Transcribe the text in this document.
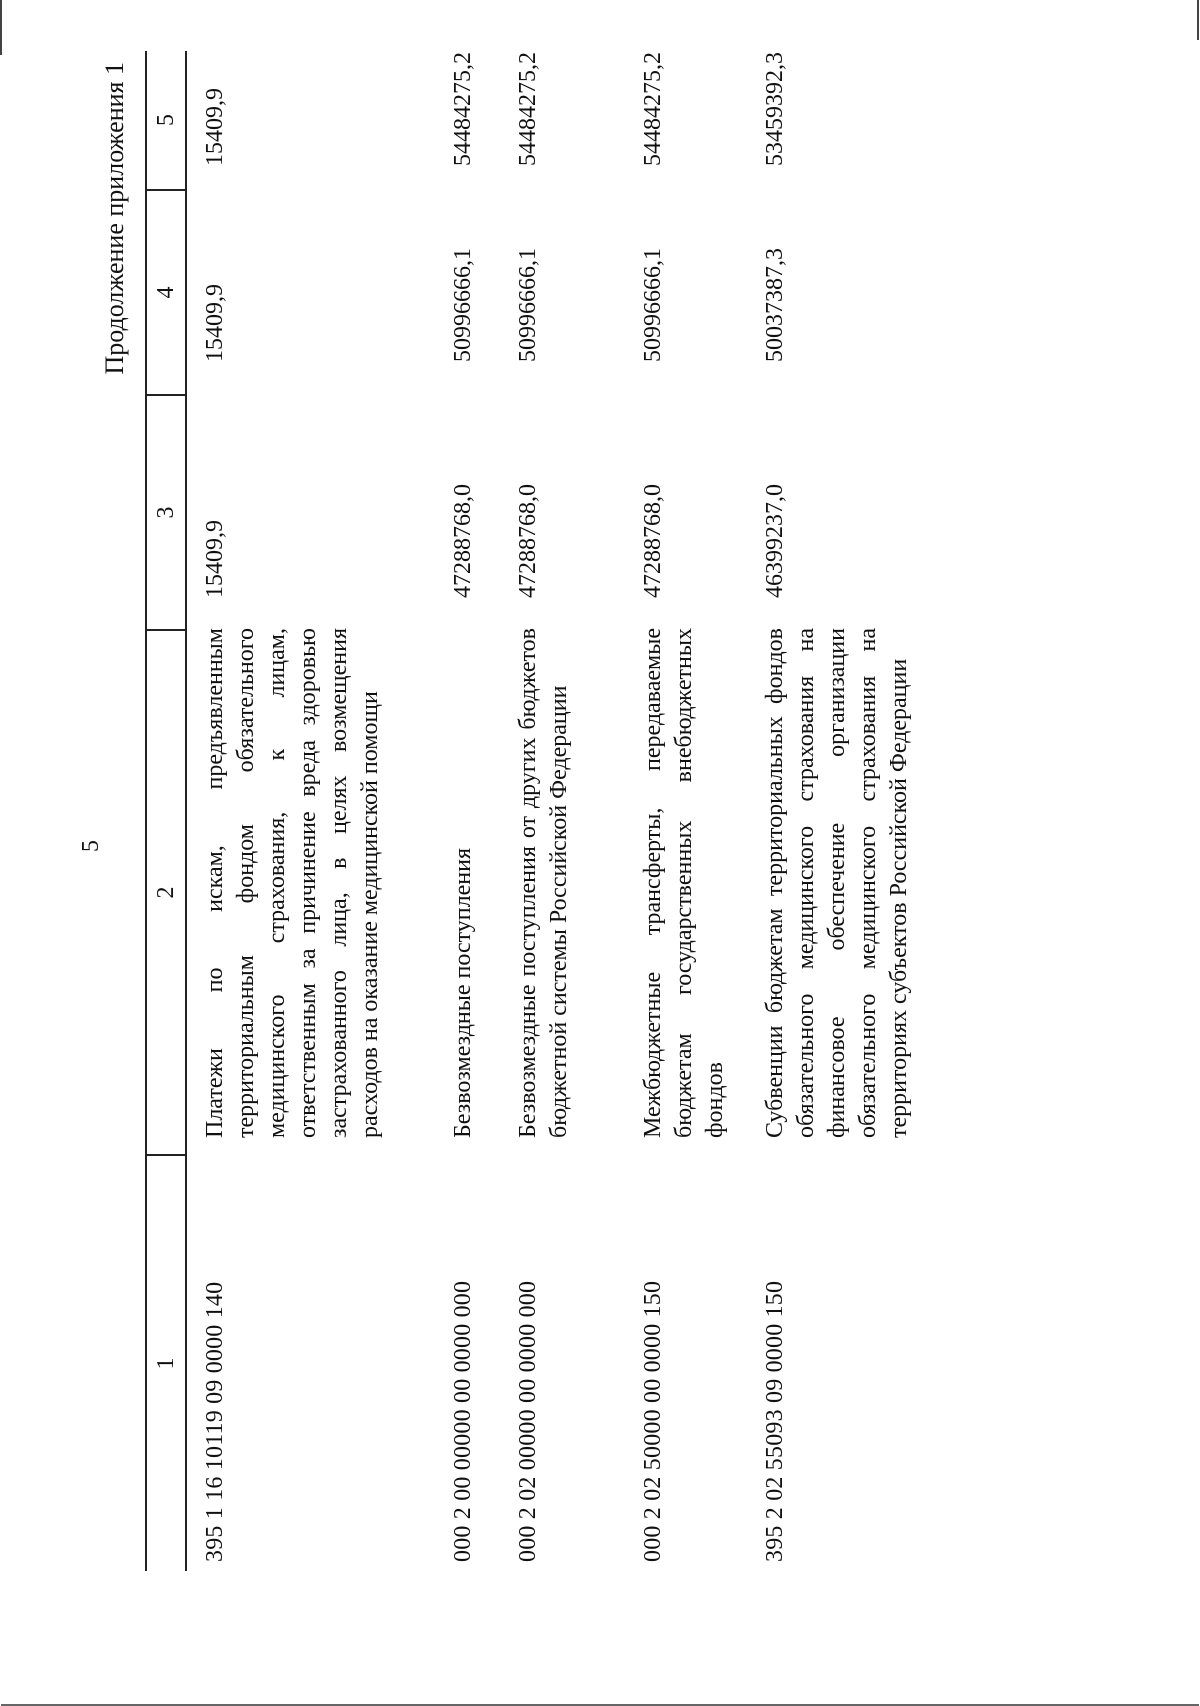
5
Продолжение приложения 1
1
2
3
4
5
395 1 16 10119 09 0000 140
Платежи по искам, предъявленным территориальным фондом обязательного медицинского страхования, к лицам, ответственным за причинение вреда здоровью застрахованного лица, в целях возмещения расходов на оказание медицинской помощи
15409,9
15409,9
15409,9
000 2 00 00000 00 0000 000
Безвозмездные поступления
47288768,0
50996666,1
54484275,2
000 2 02 00000 00 0000 000
Безвозмездные поступления от других бюджетов бюджетной системы Российской Федерации
47288768,0
50996666,1
54484275,2
000 2 02 50000 00 0000 150
Межбюджетные трансферты, передаваемые бюджетам государственных внебюджетных фондов
47288768,0
50996666,1
54484275,2
395 2 02 55093 09 0000 150
Субвенции бюджетам территориальных фондов обязательного медицинского страхования на финансовое обеспечение организации обязательного медицинского страхования на территориях субъектов Российской Федерации
46399237,0
50037387,3
53459392,3
